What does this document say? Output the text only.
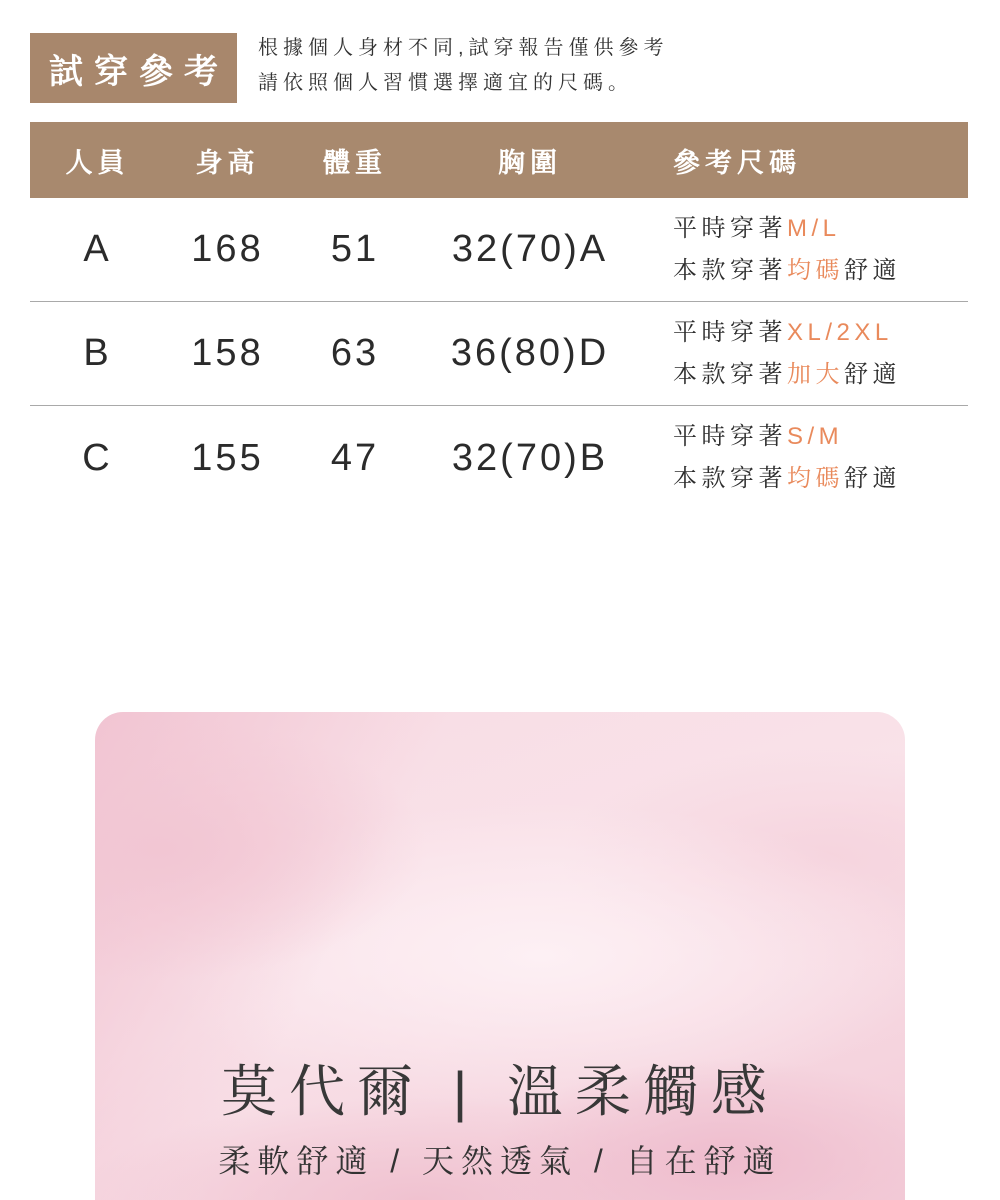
試穿參考
根據個人身材不同,試穿報告僅供參考
請依照個人習慣選擇適宜的尺碼。
人員	身高	體重	胸圍	參考尺碼
A	168	51	32(70)A	平時穿著M/L
本款穿著均碼舒適
B	158	63	36(80)D	平時穿著XL/2XL
本款穿著加大舒適
C	155	47	32(70)B	平時穿著S/M
本款穿著均碼舒適
莫代爾 | 溫柔觸感
柔軟舒適 / 天然透氣 / 自在舒適
